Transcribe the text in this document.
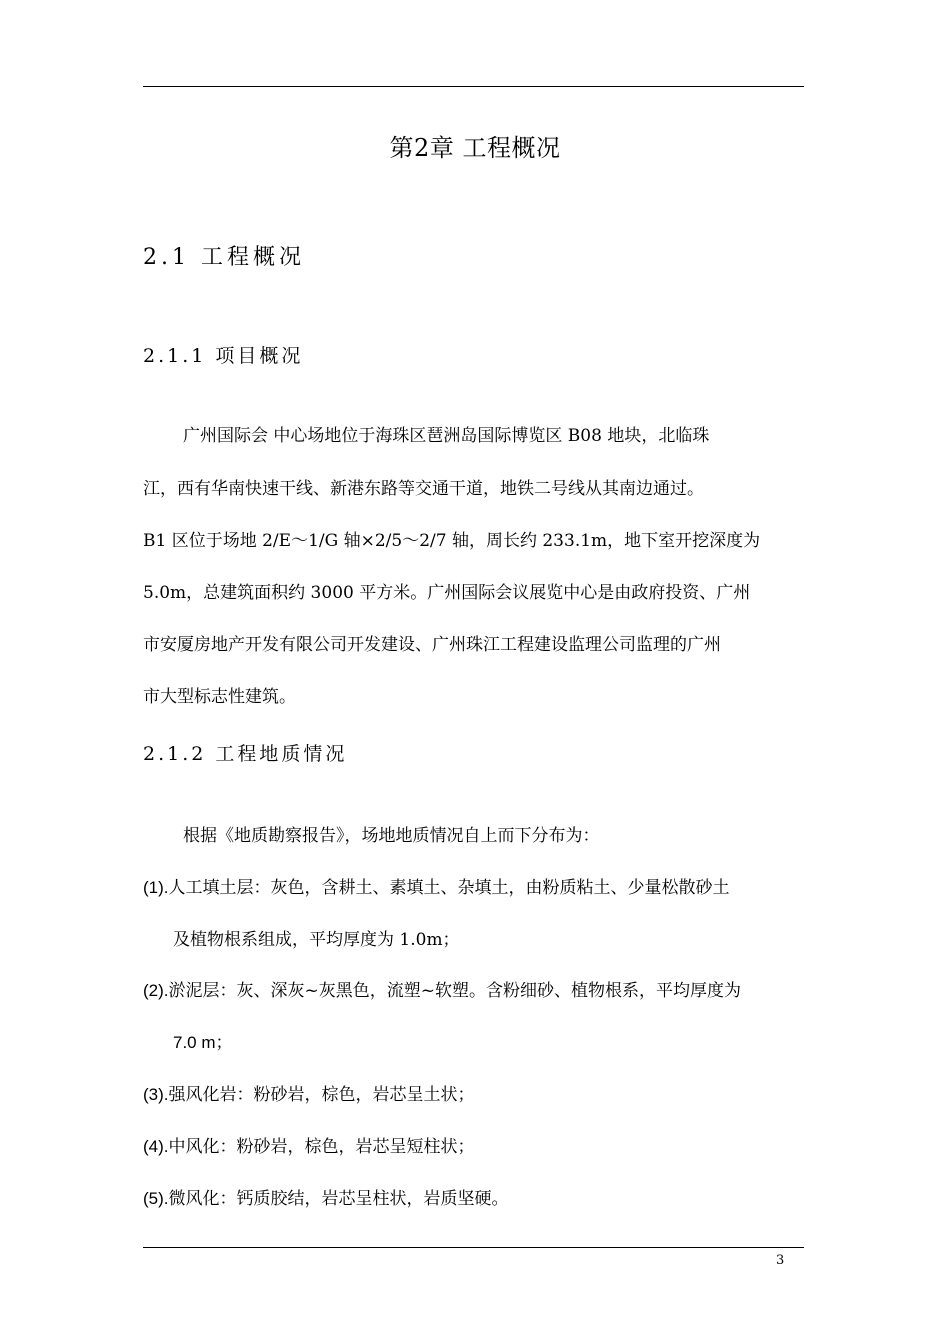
第2章 工程概况
2.1 工程概况
2.1.1 项目概况
广州国际会 中心场地位于海珠区琶洲岛国际博览区 B08 地块，北临珠
江，西有华南快速干线、新港东路等交通干道，地铁二号线从其南边通过。
B1 区位于场地 2/E～1/G 轴×2/5～2/7 轴，周长约 233.1m，地下室开挖深度为
5.0m，总建筑面积约 3000 平方米。广州国际会议展览中心是由政府投资、广州
市安厦房地产开发有限公司开发建设、广州珠江工程建设监理公司监理的广州
市大型标志性建筑。
2.1.2 工程地质情况
根据《地质勘察报告》，场地地质情况自上而下分布为：
(1).人工填土层：灰色，含耕土、素填土、杂填土，由粉质粘土、少量松散砂土
及植物根系组成，平均厚度为 1.0m；
(2).淤泥层：灰、深灰~灰黑色，流塑~软塑。含粉细砂、植物根系，平均厚度为
7.0 m；
(3).强风化岩：粉砂岩，棕色，岩芯呈土状；
(4).中风化：粉砂岩，棕色，岩芯呈短柱状；
(5).微风化：钙质胶结，岩芯呈柱状，岩质坚硬。
3
